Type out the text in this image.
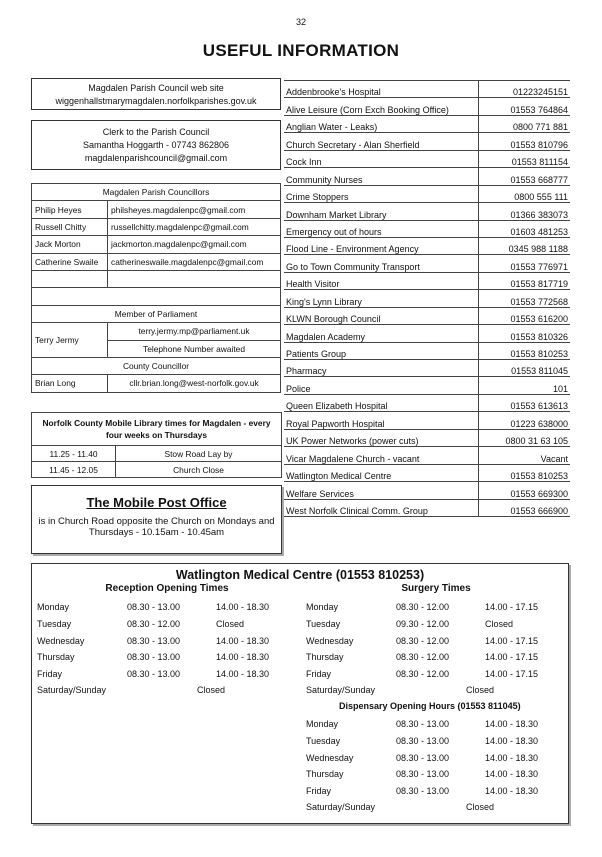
32
USEFUL INFORMATION
Magdalen Parish Council web site
wiggenhallstmarymagdalen.norfolkparishes.gov.uk
Clerk to the Parish Council
Samantha Hoggarth - 07743 862806
magdalenparishcouncil@gmail.com
Magdalen Parish Councillors	
Philip Heyes	philsheyes.magdalenpc@gmail.com
Russell Chitty	russellchitty.magdalenpc@gmail.com
Jack Morton	jackmorton.magdalenpc@gmail.com
Catherine Swaile	catherineswaile.magdalenpc@gmail.com

Member of Parliament	
Terry Jermy	terry.jermy.mp@parliament.uk
	Telephone Number awaited
County Councillor	
Brian Long	cllr.brian.long@west-norfolk.gov.uk
Addenbrooke's Hospital	01223245151
Alive Leisure (Corn Exch Booking Office)	01553 764864
Anglian Water - Leaks)	0800 771 881
Church Secretary - Alan Sherfield	01553 810796
Cock Inn	01553 811154
Community Nurses	01553 668777
Crime Stoppers	0800 555 111
Downham Market Library	01366 383073
Emergency out of hours	01603 481253
Flood Line - Environment Agency	0345 988 1188
Go to Town Community Transport	01553 776971
Health Visitor	01553 817719
King's Lynn Library	01553 772568
KLWN Borough Council	01553 616200
Magdalen Academy	01553 810326
Patients Group	01553 810253
Pharmacy	01553 811045
Police	101
Queen Elizabeth Hospital	01553 613613
Royal Papworth Hospital	01223 638000
UK Power Networks (power cuts)	0800 31 63 105
Vicar Magdalene Church - vacant	Vacant
Watlington Medical Centre	01553 810253
Welfare Services	01553 669300
West Norfolk Clinical Comm. Group	01553 666900
Norfolk County Mobile Library times for Magdalen - every four weeks on Thursdays	
11.25 - 11.40	Stow Road Lay by
11.45 - 12.05	Church Close
The Mobile Post Office
is in Church Road opposite the Church on Mondays and Thursdays - 10.15am - 10.45am
Watlington Medical Centre (01553 810253)
Reception Opening Times	Surgery Times
Dispensary Opening Hours (01553 811045)
Monday	08.30 - 13.00	14.00 - 18.30
Tuesday	08.30 - 12.00	Closed
Wednesday	08.30 - 13.00	14.00 - 18.30
Thursday	08.30 - 13.00	14.00 - 18.30
Friday	08.30 - 13.00	14.00 - 18.30
Saturday/Sunday	Closed
Monday	08.30 - 12.00	14.00 - 17.15
Tuesday	09.30 - 12.00	Closed
Wednesday	08.30 - 12.00	14.00 - 17.15
Thursday	08.30 - 12.00	14.00 - 17.15
Friday	08.30 - 12.00	14.00 - 17.15
Saturday/Sunday	Closed
Monday	08.30 - 13.00	14.00 - 18.30
Tuesday	08.30 - 13.00	14.00 - 18.30
Wednesday	08.30 - 13.00	14.00 - 18.30
Thursday	08.30 - 13.00	14.00 - 18.30
Friday	08.30 - 13.00	14.00 - 18.30
Saturday/Sunday	Closed
